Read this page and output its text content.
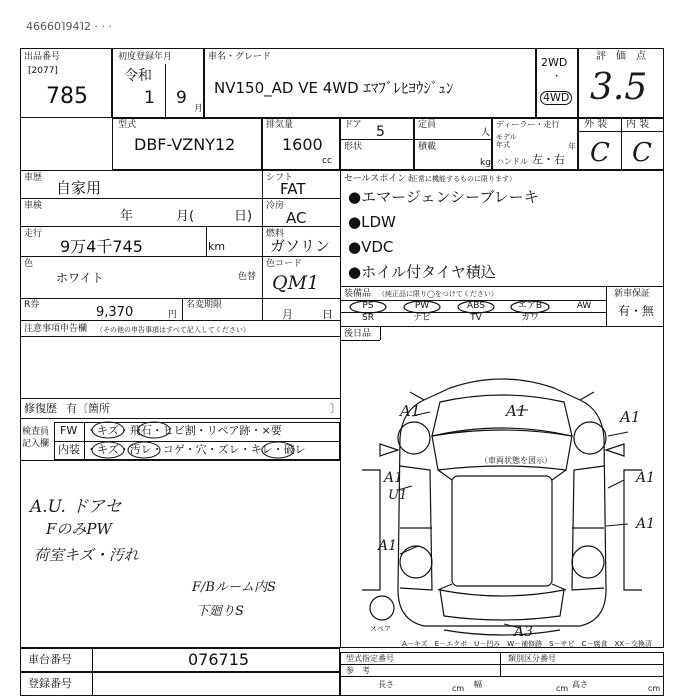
46660Ί94Ί2 · · ·
出品番号
[2077]
785
初度登録年月
令和
1 9
月
車名・グレード
NV150_AD VE 4WD ｴﾏﾌﾞﾚﾋﾖｳｼﾞｭﾝ
2WD
・
4WD
評　価　点
3.5
型式
DBF-VZNY12
排気量
1600
cc
ドア 5
形状
定員
人
積載
kg
ディーラー・走行
モデル
年式	年
ハンドル 左・右
外 装 内 装
C C
車歴
自家用
シフト
FAT
車検
年	月(	日)
冷房
AC
走行
9万4千745	km
燃料
ガソリン
色
ホワイト	色替
色コード
QM1
R券	9,370	円
名変期限
月	日
セールスポイント
（正常に機能するものに限ります）
●エマージェンシーブレーキ
●LDW
●VDC
●ホイル付タイヤ積込
装備品 （純正品に限り◯をつけてください）
PS	PW	ABS	エアB	AW
SR	ナビ	TV	カワ
新車保証
有・無
注意事項申告欄 （その他の申告事項はすべて記入してください）	後日品
修復歴 有〔箇所	〕
検査員
記入欄
FW ・キズ・飛石・ヒビ割・リペア跡・×要
内装 ・キズ・汚レ・コゲ・穴・ズレ・キレ・破レ
A.U. ドアセ
FのみPW
荷室キズ・汚れ
F/Bルーム内S
下廻りS
（車両状態を図示）
A1	A1	A1
A1
U1
A1
A1
A1
A3
スペア
A－キズ　E－エクボ　U－凹み　W－補修跡　S－サビ　C－腐食　XX－交換済
車台番号	076715
登録番号
型式指定番号	類別区分番号
参　考
長さ	幅	高さ
cm	cm	cm
